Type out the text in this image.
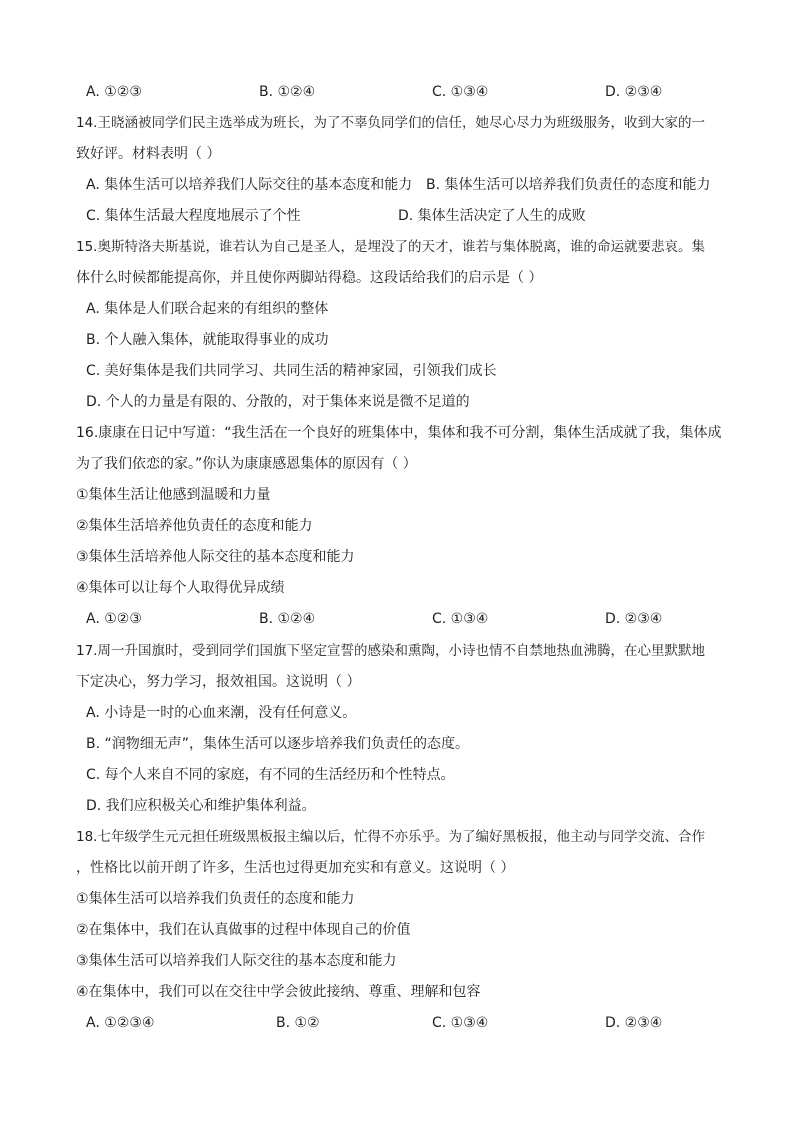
A. ①②③	B. ①②④	C. ①③④	D. ②③④
14.王晓涵被同学们民主选举成为班长，为了不辜负同学们的信任，她尽心尽力为班级服务，收到大家的一
致好评。材料表明（ ）
A. 集体生活可以培养我们人际交往的基本态度和能力 B. 集体生活可以培养我们负责任的态度和能力
C. 集体生活最大程度地展示了个性	D. 集体生活决定了人生的成败
15.奥斯特洛夫斯基说，谁若认为自己是圣人，是埋没了的天才，谁若与集体脱离，谁的命运就要悲哀。集
体什么时候都能提高你，并且使你两脚站得稳。这段话给我们的启示是（ ）
A. 集体是人们联合起来的有组织的整体
B. 个人融入集体，就能取得事业的成功
C. 美好集体是我们共同学习、共同生活的精神家园，引领我们成长
D. 个人的力量是有限的、分散的，对于集体来说是微不足道的
16.康康在日记中写道：“我生活在一个良好的班集体中，集体和我不可分割，集体生活成就了我，集体成
为了我们依恋的家。”你认为康康感恩集体的原因有（ ）
①集体生活让他感到温暖和力量
②集体生活培养他负责任的态度和能力
③集体生活培养他人际交往的基本态度和能力
④集体可以让每个人取得优异成绩
A. ①②③	B. ①②④	C. ①③④	D. ②③④
17.周一升国旗时，受到同学们国旗下坚定宣誓的感染和熏陶，小诗也情不自禁地热血沸腾，在心里默默地
下定决心，努力学习，报效祖国。这说明（ ）
A. 小诗是一时的心血来潮，没有任何意义。
B. “润物细无声”，集体生活可以逐步培养我们负责任的态度。
C. 每个人来自不同的家庭，有不同的生活经历和个性特点。
D. 我们应积极关心和维护集体利益。
18.七年级学生元元担任班级黑板报主编以后，忙得不亦乐乎。为了编好黑板报，他主动与同学交流、合作
，性格比以前开朗了许多，生活也过得更加充实和有意义。这说明（ ）
①集体生活可以培养我们负责任的态度和能力
②在集体中，我们在认真做事的过程中体现自己的价值
③集体生活可以培养我们人际交往的基本态度和能力
④在集体中，我们可以在交往中学会彼此接纳、尊重、理解和包容
A. ①②③④	B. ①②	C. ①③④	D. ②③④
